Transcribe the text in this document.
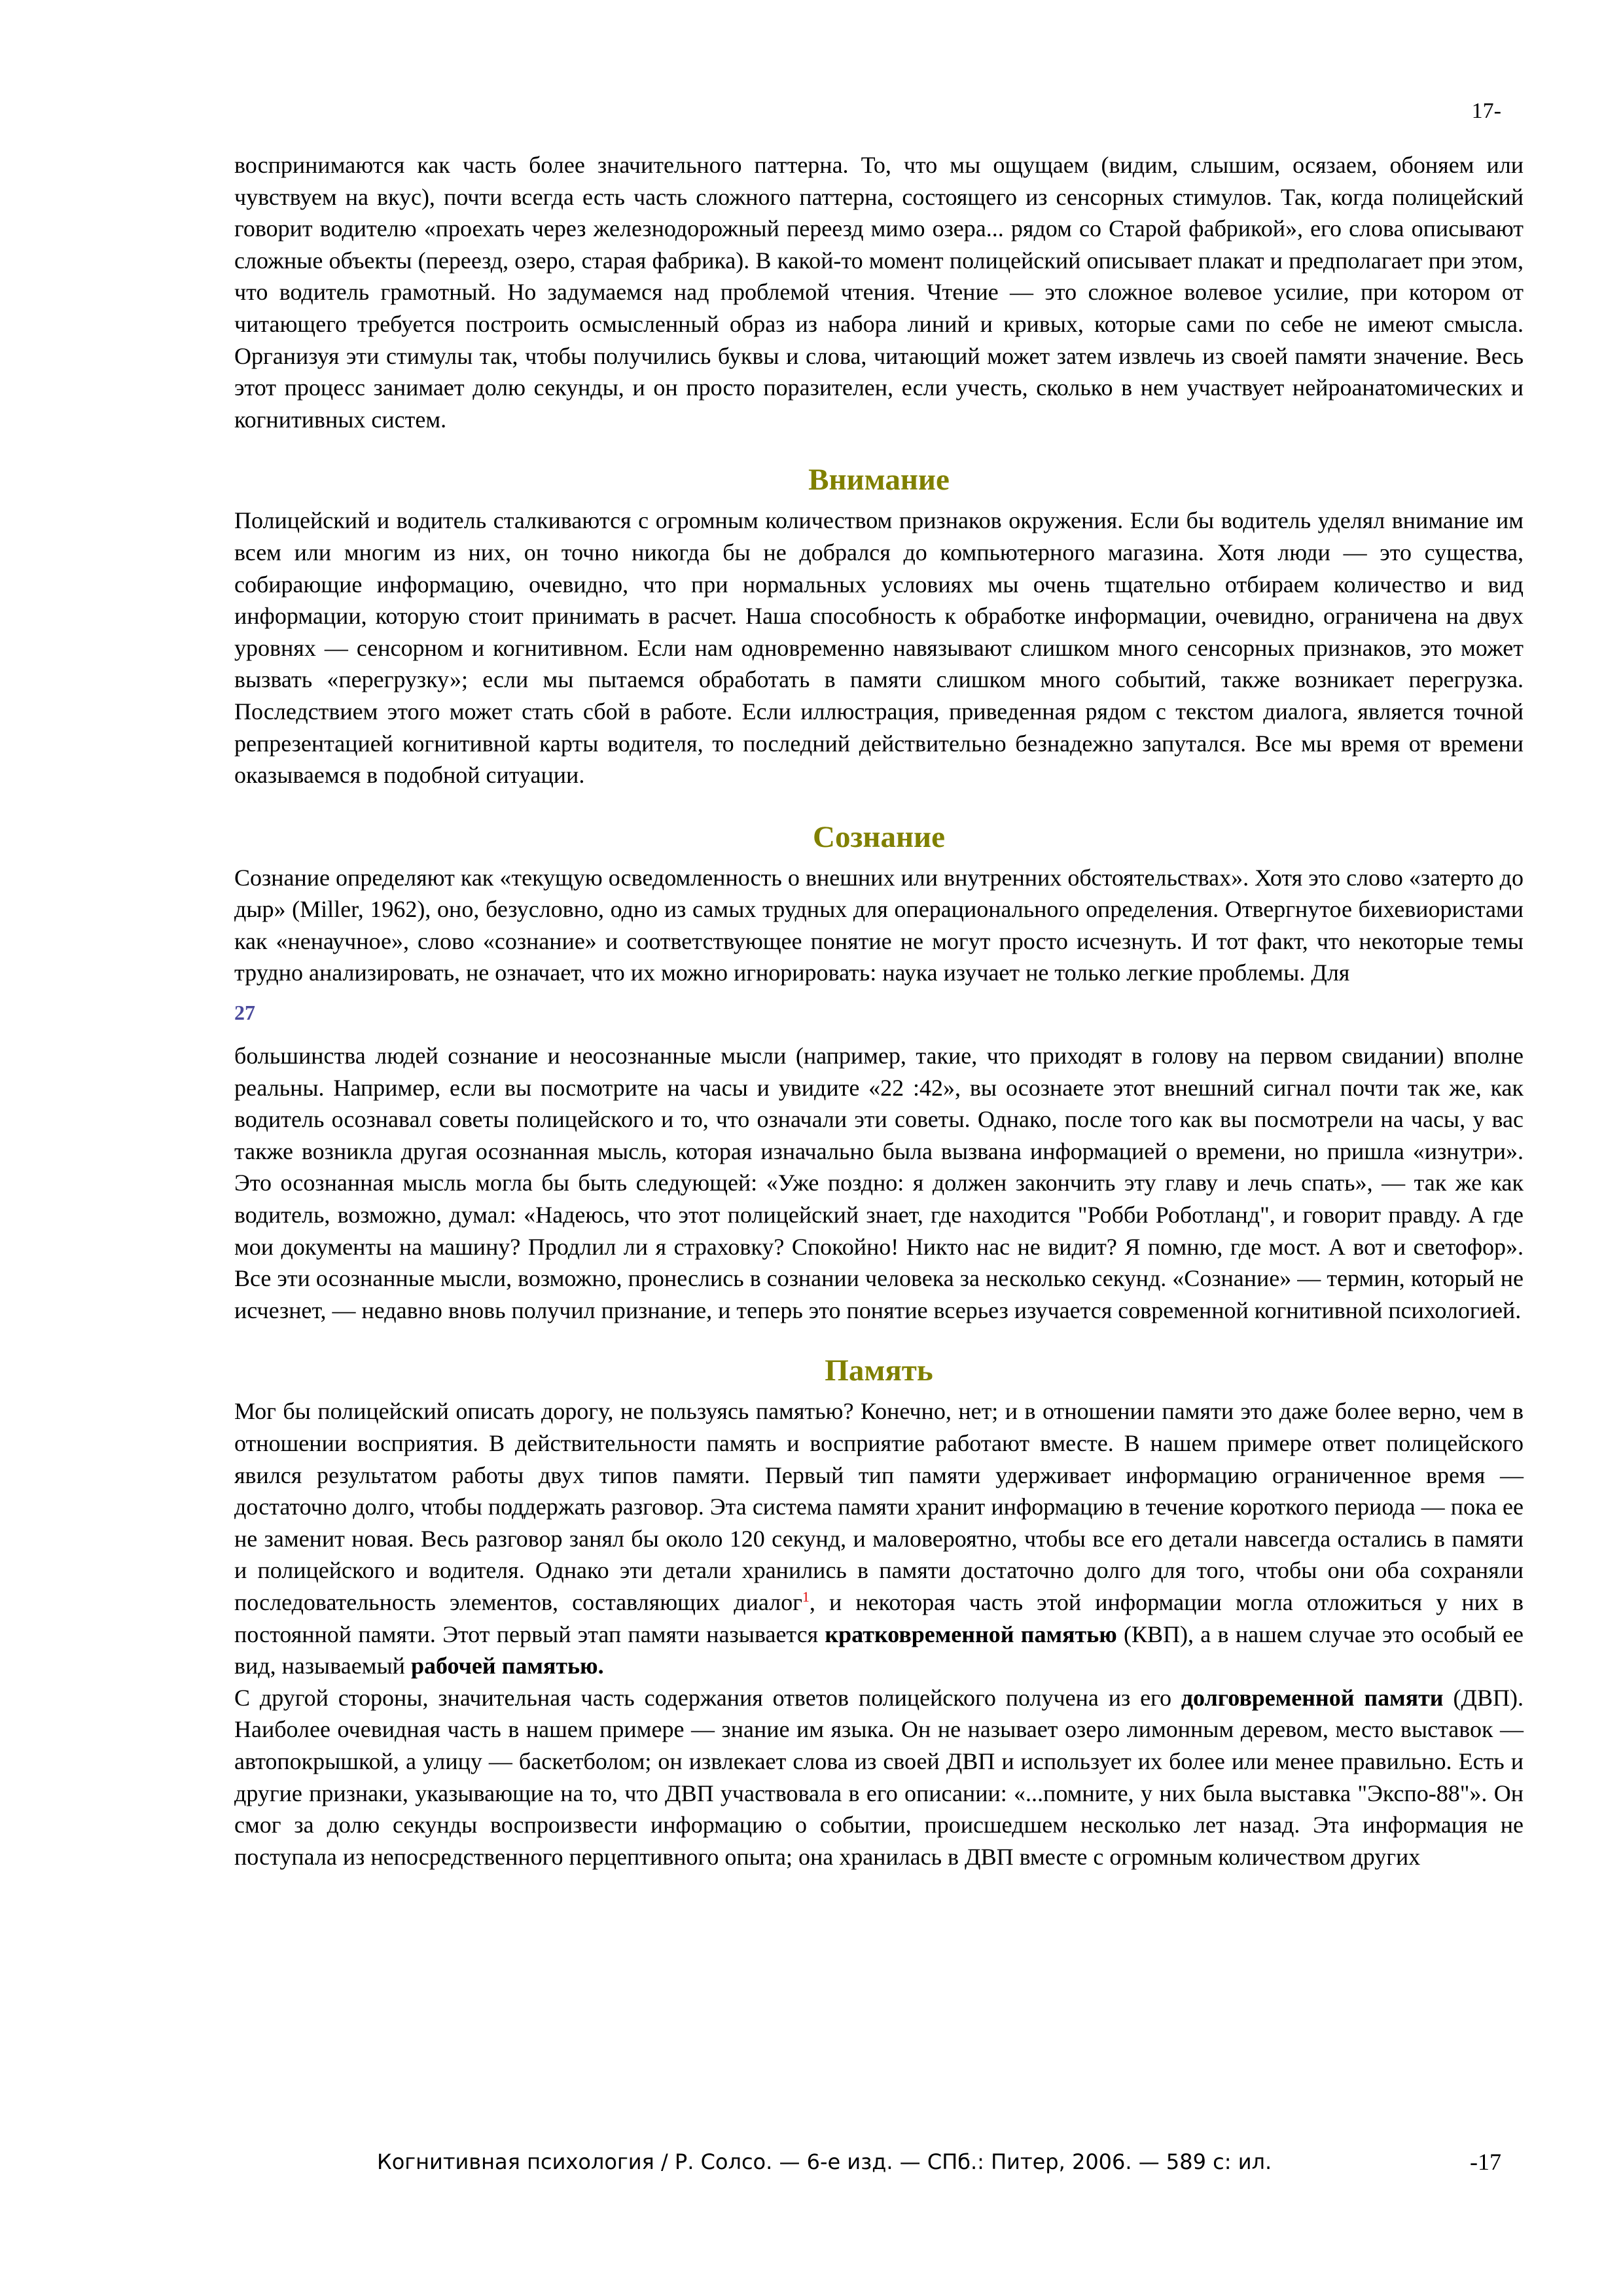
17-

воспринимаются как часть более значительного паттерна. То, что мы ощущаем (видим, слышим, осязаем, обоняем или чувствуем на вкус), почти всегда есть часть сложного паттерна, состоящего из сенсорных стимулов. Так, когда полицейский говорит водителю «проехать через железнодорожный переезд мимо озера... рядом со Старой фабрикой», его слова описывают сложные объекты (переезд, озеро, старая фабрика). В какой-то момент полицейский описывает плакат и предполагает при этом, что водитель грамотный. Но задумаемся над проблемой чтения. Чтение — это сложное волевое усилие, при котором от читающего требуется построить осмысленный образ из набора линий и кривых, которые сами по себе не имеют смысла. Организуя эти стимулы так, чтобы получились буквы и слова, читающий может затем извлечь из своей памяти значение. Весь этот процесс занимает долю секунды, и он просто поразителен, если учесть, сколько в нем участвует нейроанатомических и когнитивных систем.

Внимание

Полицейский и водитель сталкиваются с огромным количеством признаков окружения. Если бы водитель уделял внимание им всем или многим из них, он точно никогда бы не добрался до компьютерного магазина. Хотя люди — это существа, собирающие информацию, очевидно, что при нормальных условиях мы очень тщательно отбираем количество и вид информации, которую стоит принимать в расчет. Наша способность к обработке информации, очевидно, ограничена на двух уровнях — сенсорном и когнитивном. Если нам одновременно навязывают слишком много сенсорных признаков, это может вызвать «перегрузку»; если мы пытаемся обработать в памяти слишком много событий, также возникает перегрузка. Последствием этого может стать сбой в работе. Если иллюстрация, приведенная рядом с текстом диалога, является точной репрезентацией когнитивной карты водителя, то последний действительно безнадежно запутался. Все мы время от времени оказываемся в подобной ситуации.

Сознание

Сознание определяют как «текущую осведомленность о внешних или внутренних обстоятельствах». Хотя это слово «затерто до дыр» (Miller, 1962), оно, безусловно, одно из самых трудных для операционального определения. Отвергнутое бихевиористами как «ненаучное», слово «сознание» и соответствующее понятие не могут просто исчезнуть. И тот факт, что некоторые темы трудно анализировать, не означает, что их можно игнорировать: наука изучает не только легкие проблемы. Для

27

большинства людей сознание и неосознанные мысли (например, такие, что приходят в голову на первом свидании) вполне реальны. Например, если вы посмотрите на часы и увидите «22 :42», вы осознаете этот внешний сигнал почти так же, как водитель осознавал советы полицейского и то, что означали эти советы. Однако, после того как вы посмотрели на часы, у вас также возникла другая осознанная мысль, которая изначально была вызвана информацией о времени, но пришла «изнутри». Это осознанная мысль могла бы быть следующей: «Уже поздно: я должен закончить эту главу и лечь спать», — так же как водитель, возможно, думал: «Надеюсь, что этот полицейский знает, где находится "Робби Роботланд", и говорит правду. А где мои документы на машину? Продлил ли я страховку? Спокойно! Никто нас не видит? Я помню, где мост. А вот и светофор». Все эти осознанные мысли, возможно, пронеслись в сознании человека за несколько секунд. «Сознание» — термин, который не исчезнет, — недавно вновь получил признание, и теперь это понятие всерьез изучается современной когнитивной психологией.

Память

Мог бы полицейский описать дорогу, не пользуясь памятью? Конечно, нет; и в отношении памяти это даже более верно, чем в отношении восприятия. В действительности память и восприятие работают вместе. В нашем примере ответ полицейского явился результатом работы двух типов памяти. Первый тип памяти удерживает информацию ограниченное время — достаточно долго, чтобы поддержать разговор. Эта система памяти хранит информацию в течение короткого периода — пока ее не заменит новая. Весь разговор занял бы около 120 секунд, и маловероятно, чтобы все его детали навсегда остались в памяти и полицейского и водителя. Однако эти детали хранились в памяти достаточно долго для того, чтобы они оба сохраняли последовательность элементов, составляющих диалог$^1$, и некоторая часть этой информации могла отложиться у них в постоянной памяти. Этот первый этап памяти называется кратковременной памятью (КВП), а в нашем случае это особый ее вид, называемый рабочей памятью.

С другой стороны, значительная часть содержания ответов полицейского получена из его долговременной памяти (ДВП). Наиболее очевидная часть в нашем примере — знание им языка. Он не называет озеро лимонным деревом, место выставок — автопокрышкой, а улицу — баскетболом; он извлекает слова из своей ДВП и использует их более или менее правильно. Есть и другие признаки, указывающие на то, что ДВП участвовала в его описании: «...помните, у них была выставка "Экспо-88"». Он смог за долю секунды воспроизвести информацию о событии, происшедшем несколько лет назад. Эта информация не поступала из непосредственного перцептивного опыта; она хранилась в ДВП вместе с огромным количеством других

Когнитивная психология / Р. Солсо. — 6-е изд. — СПб.: Питер, 2006. — 589 с: ил.	-17
